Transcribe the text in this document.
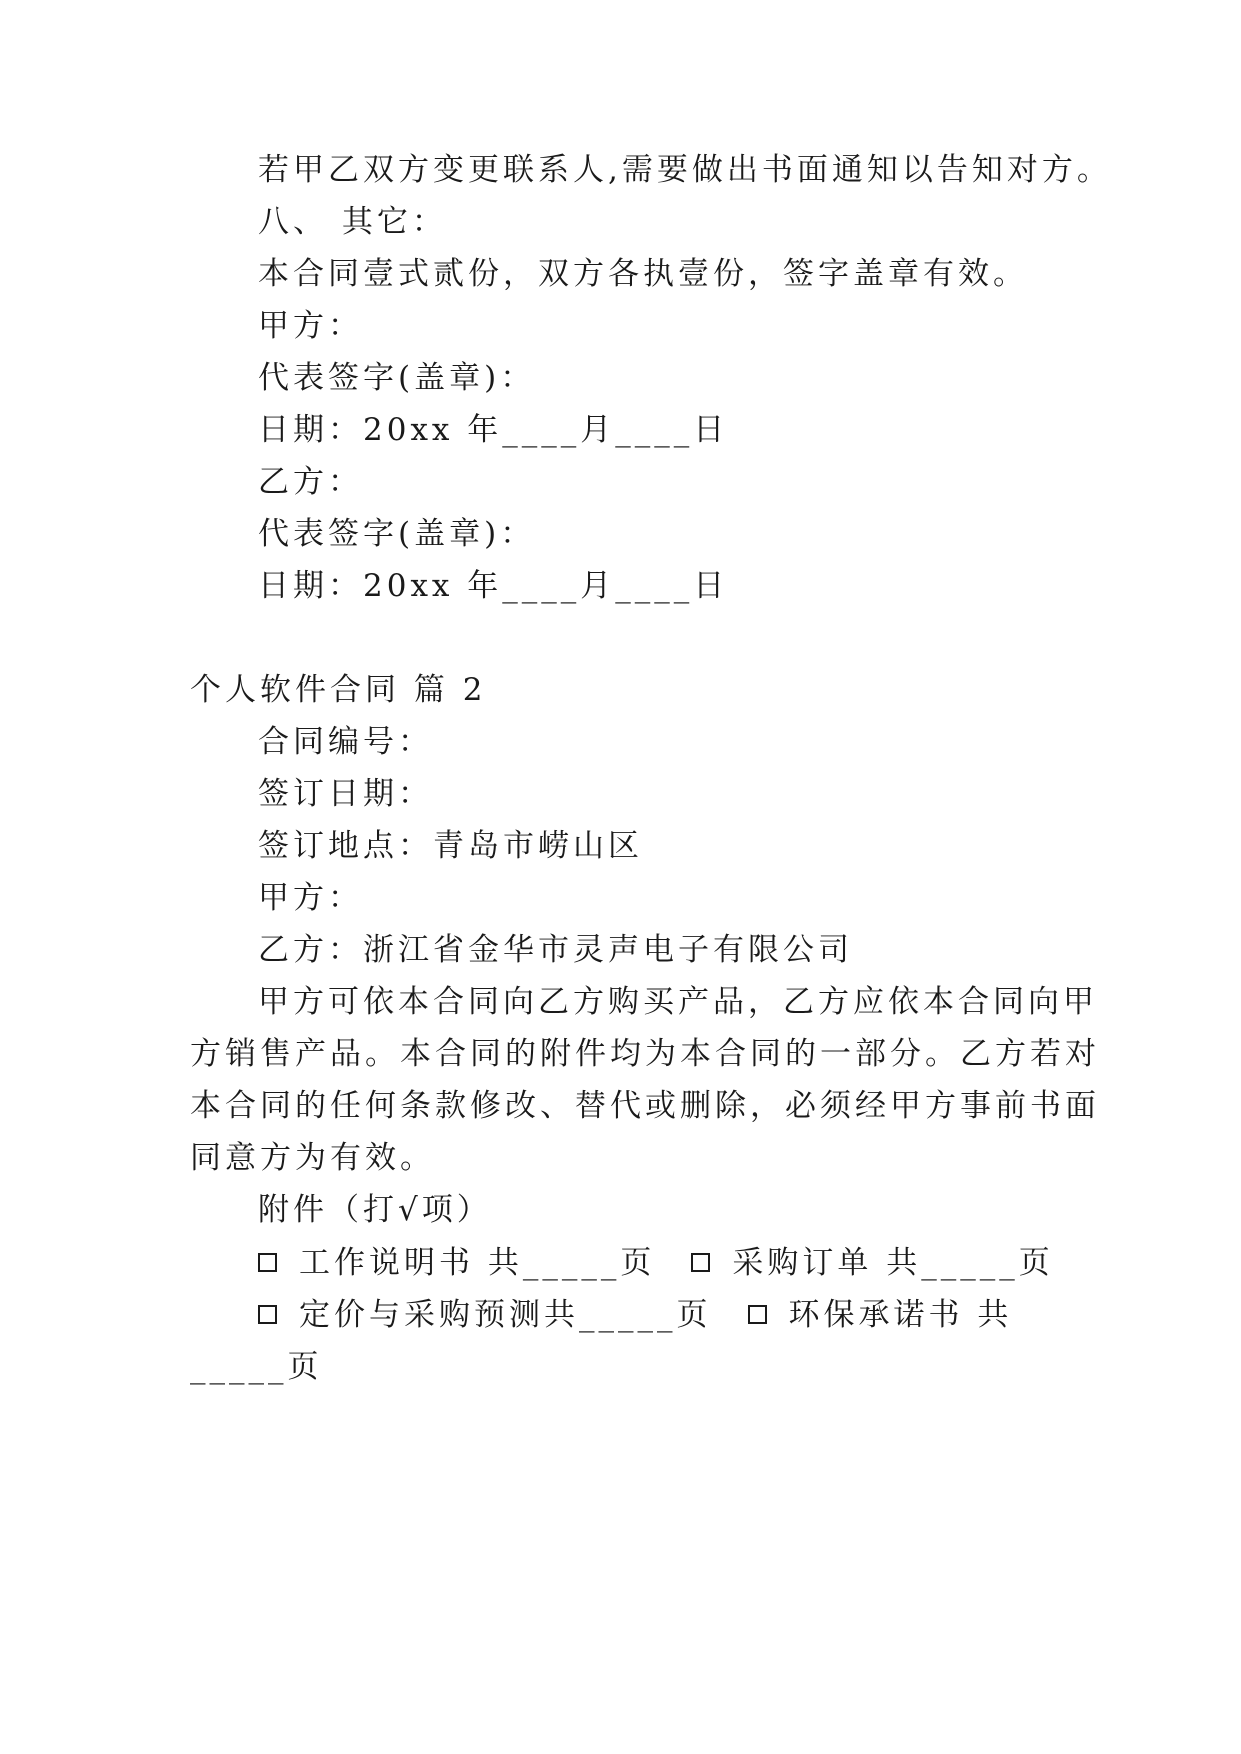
若甲乙双方变更联系人,需要做出书面通知以告知对方。
八、 其它：
本合同壹式贰份，双方各执壹份，签字盖章有效。
甲方：
代表签字(盖章)：
日期：20xx 年____月____日
乙方：
代表签字(盖章)：
日期：20xx 年____月____日
个人软件合同 篇 2
合同编号：
签订日期：
签订地点：青岛市崂山区
甲方：
乙方：浙江省金华市灵声电子有限公司
甲方可依本合同向乙方购买产品，乙方应依本合同向甲
方销售产品。本合同的附件均为本合同的一部分。乙方若对
本合同的任何条款修改、替代或删除，必须经甲方事前书面
同意方为有效。
附件（打√项）
工作说明书 共_____页 采购订单 共_____页
定价与采购预测共_____页 环保承诺书 共
_____页
